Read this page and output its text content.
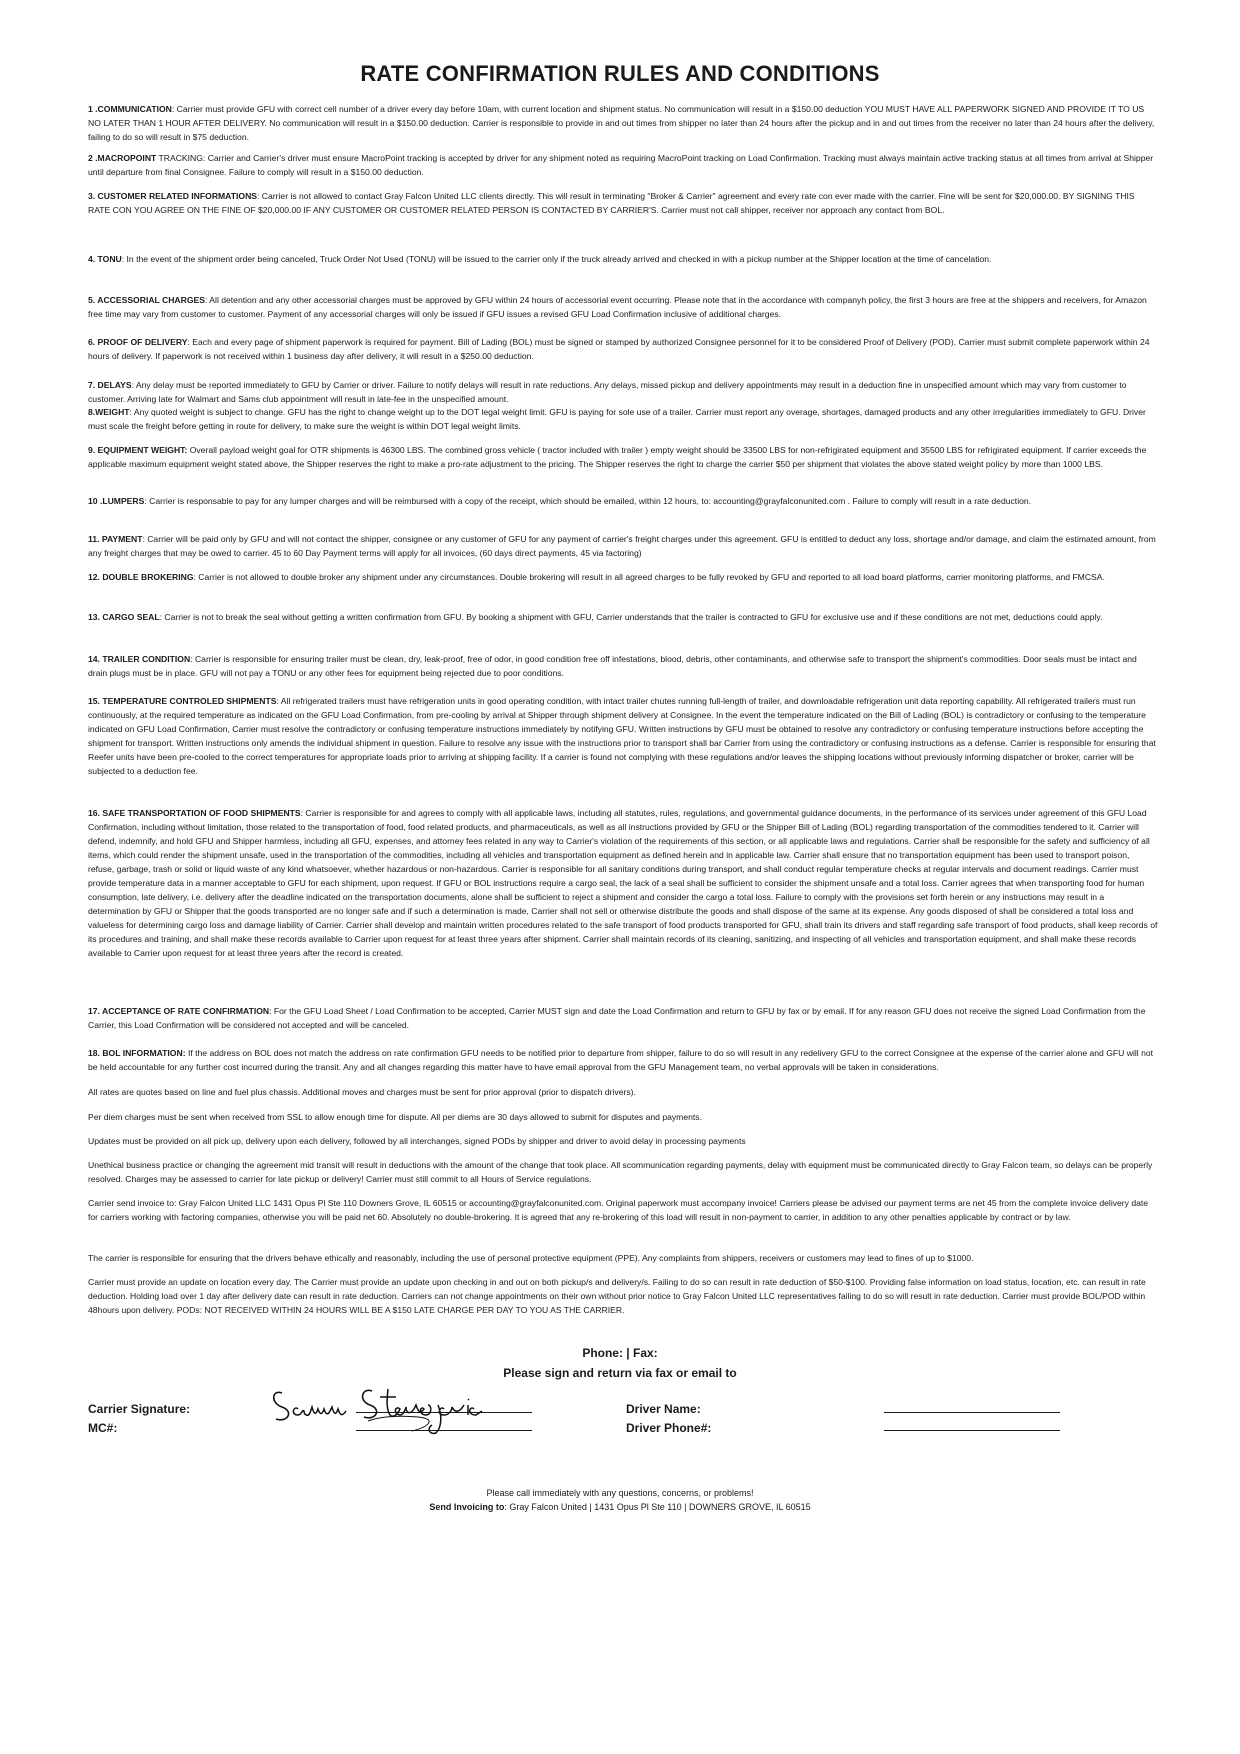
RATE CONFIRMATION RULES AND CONDITIONS
1 .COMMUNICATION: Carrier must provide GFU with correct cell number of a driver every day before 10am, with current location and shipment status. No communication will result in a $150.00 deduction YOU MUST HAVE ALL PAPERWORK SIGNED AND PROVIDE IT TO US NO LATER THAN 1 HOUR AFTER DELIVERY. No communication will result in a $150.00 deduction. Carrier is responsible to provide in and out times from shipper no later than 24 hours after the pickup and in and out times from the receiver no later than 24 hours after the delivery, failing to do so will result in $75 deduction.
2 .MACROPOINT TRACKING: Carrier and Carrier's driver must ensure MacroPoint tracking is accepted by driver for any shipment noted as requiring MacroPoint tracking on Load Confirmation. Tracking must always maintain active tracking status at all times from arrival at Shipper until departure from final Consignee. Failure to comply will result in a $150.00 deduction.
3. CUSTOMER RELATED INFORMATIONS: Carrier is not allowed to contact Gray Falcon United LLC clients directly. This will result in terminating "Broker & Carrier" agreement and every rate con ever made with the carrier. Fine will be sent for $20,000.00. BY SIGNING THIS RATE CON YOU AGREE ON THE FINE OF $20,000.00 IF ANY CUSTOMER OR CUSTOMER RELATED PERSON IS CONTACTED BY CARRIER'S. Carrier must not call shipper, receiver nor approach any contact from BOL.
4. TONU: In the event of the shipment order being canceled, Truck Order Not Used (TONU) will be issued to the carrier only if the truck already arrived and checked in with a pickup number at the Shipper location at the time of cancelation.
5. ACCESSORIAL CHARGES: All detention and any other accessorial charges must be approved by GFU within 24 hours of accessorial event occurring. Please note that in the accordance with companyh policy, the first 3 hours are free at the shippers and receivers, for Amazon free time may vary from customer to customer. Payment of any accessorial charges will only be issued if GFU issues a revised GFU Load Confirmation inclusive of additional charges.
6. PROOF OF DELIVERY: Each and every page of shipment paperwork is required for payment. Bill of Lading (BOL) must be signed or stamped by authorized Consignee personnel for it to be considered Proof of Delivery (POD). Carrier must submit complete paperwork within 24 hours of delivery. If paperwork is not received within 1 business day after delivery, it will result in a $250.00 deduction.
7. DELAYS: Any delay must be reported immediately to GFU by Carrier or driver. Failure to notify delays will result in rate reductions. Any delays, missed pickup and delivery appointments may result in a deduction fine in unspecified amount which may vary from customer to customer. Arriving late for Walmart and Sams club appointment will result in late-fee in the unspecified amount.
8.WEIGHT: Any quoted weight is subject to change. GFU has the right to change weight up to the DOT legal weight limit. GFU is paying for sole use of a trailer. Carrier must report any overage, shortages, damaged products and any other irregularities immediately to GFU. Driver must scale the freight before getting in route for delivery, to make sure the weight is within DOT legal weight limits.
9. EQUIPMENT WEIGHT: Overall payload weight goal for OTR shipments is 46300 LBS. The combined gross vehicle ( tractor included with trailer ) empty weight should be 33500 LBS for non-refrigirated equipment and 35500 LBS for refrigirated equipment. If carrier exceeds the applicable maximum equipment weight stated above, the Shipper reserves the right to make a pro-rate adjustment to the pricing. The Shipper reserves the right to charge the carrier $50 per shipment that violates the above stated weight policy by more than 1000 LBS.
10 .LUMPERS: Carrier is responsable to pay for any lumper charges and will be reimbursed with a copy of the receipt, which should be emailed, within 12 hours, to: accounting@grayfalconunited.com . Failure to comply will result in a rate deduction.
11. PAYMENT: Carrier will be paid only by GFU and will not contact the shipper, consignee or any customer of GFU for any payment of carrier's freight charges under this agreement. GFU is entitled to deduct any loss, shortage and/or damage, and claim the estimated amount, from any freight charges that may be owed to carrier. 45 to 60 Day Payment terms will apply for all invoices, (60 days direct payments, 45 via factoring)
12. DOUBLE BROKERING: Carrier is not allowed to double broker any shipment under any circumstances. Double brokering will result in all agreed charges to be fully revoked by GFU and reported to all load board platforms, carrier monitoring platforms, and FMCSA.
13. CARGO SEAL: Carrier is not to break the seal without getting a written confirmation from GFU. By booking a shipment with GFU, Carrier understands that the trailer is contracted to GFU for exclusive use and if these conditions are not met, deductions could apply.
14. TRAILER CONDITION: Carrier is responsible for ensuring trailer must be clean, dry, leak-proof, free of odor, in good condition free off infestations, blood, debris, other contaminants, and otherwise safe to transport the shipment's commodities. Door seals must be intact and drain plugs must be in place. GFU will not pay a TONU or any other fees for equipment being rejected due to poor conditions.
15. TEMPERATURE CONTROLED SHIPMENTS: All refrigerated trailers must have refrigeration units in good operating condition, with intact trailer chutes running full-length of trailer, and downloadable refrigeration unit data reporting capability. All refrigerated trailers must run continuously, at the required temperature as indicated on the GFU Load Confirmation, from pre-cooling by arrival at Shipper through shipment delivery at Consignee. In the event the temperature indicated on the Bill of Lading (BOL) is contradictory or confusing to the temperature indicated on GFU Load Confirmation, Carrier must resolve the contradictory or confusing temperature instructions immediately by notifying GFU. Written instructions by GFU must be obtained to resolve any contradictory or confusing temperature instructions before accepting the shipment for transport. Written instructions only amends the individual shipment in question. Failure to resolve any issue with the instructions prior to transport shall bar Carrier from using the contradictory or confusing instructions as a defense. Carrier is responsible for ensuring that Reefer units have been pre-cooled to the correct temperatures for appropriate loads prior to arriving at shipping facility. If a carrier is found not complying with these regulations and/or leaves the shipping locations without previously informing dispatcher or broker, carrier will be subjected to a deduction fee.
16. SAFE TRANSPORTATION OF FOOD SHIPMENTS: Carrier is responsible for and agrees to comply with all applicable laws, including all statutes, rules, regulations, and governmental guidance documents, in the performance of its services under agreement of this GFU Load Confirmation, including without limitation, those related to the transportation of food, food related products, and pharmaceuticals, as well as all instructions provided by GFU or the Shipper Bill of Lading (BOL) regarding transportation of the commodities tendered to it. Carrier will defend, indemnify, and hold GFU and Shipper harmless, including all GFU, expenses, and attorney fees related in any way to Carrier's violation of the requirements of this section, or all applicable laws and regulations. Carrier shall be responsible for the safety and sufficiency of all items, which could render the shipment unsafe, used in the transportation of the commodities, including all vehicles and transportation equipment as defined herein and in applicable law. Carrier shall ensure that no transportation equipment has been used to transport poison, refuse, garbage, trash or solid or liquid waste of any kind whatsoever, whether hazardous or non-hazardous. Carrier is responsible for all sanitary conditions during transport, and shall conduct regular temperature checks at regular intervals and document readings. Carrier must provide temperature data in a manner acceptable to GFU for each shipment, upon request. If GFU or BOL instructions require a cargo seal, the lack of a seal shall be sufficient to consider the shipment unsafe and a total loss. Carrier agrees that when transporting food for human consumption, late delivery, i.e. delivery after the deadline indicated on the transportation documents, alone shall be sufficient to reject a shipment and consider the cargo a total loss. Failure to comply with the provisions set forth herein or any instructions may result in a determination by GFU or Shipper that the goods transported are no longer safe and if such a determination is made, Carrier shall not sell or otherwise distribute the goods and shall dispose of the same at its expense. Any goods disposed of shall be considered a total loss and valueless for determining cargo loss and damage liability of Carrier. Carrier shall develop and maintain written procedures related to the safe transport of food products transported for GFU, shall train its drivers and staff regarding safe transport of food products, shall keep records of its procedures and training, and shall make these records available to Carrier upon request for at least three years after shipment. Carrier shall maintain records of its cleaning, sanitizing, and inspecting of all vehicles and transportation equipment, and shall make these records available to Carrier upon request for at least three years after the record is created.
17. ACCEPTANCE OF RATE CONFIRMATION: For the GFU Load Sheet / Load Confirmation to be accepted, Carrier MUST sign and date the Load Confirmation and return to GFU by fax or by email. If for any reason GFU does not receive the signed Load Confirmation from the Carrier, this Load Confirmation will be considered not accepted and will be canceled.
18. BOL INFORMATION: If the address on BOL does not match the address on rate confirmation GFU needs to be notified prior to departure from shipper, failure to do so will result in any redelivery GFU to the correct Consignee at the expense of the carrier alone and GFU will not be held accountable for any further cost incurred during the transit. Any and all changes regarding this matter have to have email approval from the GFU Management team, no verbal approvals will be taken in considerations.
All rates are quotes based on line and fuel plus chassis. Additional moves and charges must be sent for prior approval (prior to dispatch drivers).
Per diem charges must be sent when received from SSL to allow enough time for dispute. All per diems are 30 days allowed to submit for disputes and payments.
Updates must be provided on all pick up, delivery upon each delivery, followed by all interchanges, signed PODs by shipper and driver to avoid delay in processing payments
Unethical business practice or changing the agreement mid transit will result in deductions with the amount of the change that took place. All scommunication regarding payments, delay with equipment must be communicated directly to Gray Falcon team, so delays can be properly resolved. Charges may be assessed to carrier for late pickup or delivery! Carrier must still commit to all Hours of Service regulations.
Carrier send invoice to: Gray Falcon United LLC 1431 Opus Pl Ste 110 Downers Grove, IL 60515 or accounting@grayfalconunited.com. Original paperwork must accompany invoice! Carriers please be advised our payment terms are net 45 from the complete invoice delivery date for carriers working with factoring companies, otherwise you will be paid net 60. Absolutely no double-brokering. It is agreed that any re-brokering of this load will result in non-payment to carrier, in addition to any other penalties applicable by contract or by law.
The carrier is responsible for ensuring that the drivers behave ethically and reasonably, including the use of personal protective equipment (PPE). Any complaints from shippers, receivers or customers may lead to fines of up to $1000.
Carrier must provide an update on location every day. The Carrier must provide an update upon checking in and out on both pickup/s and delivery/s. Failing to do so can result in rate deduction of $50-$100. Providing false information on load status, location, etc. can result in rate deduction. Holding load over 1 day after delivery date can result in rate deduction. Carriers can not change appointments on their own without prior notice to Gray Falcon United LLC representatives failing to do so will result in rate deduction. Carrier must provide BOL/POD within 48hours upon delivery. PODs: NOT RECEIVED WITHIN 24 HOURS WILL BE A $150 LATE CHARGE PER DAY TO YOU AS THE CARRIER.
Phone: | Fax:
Please sign and return via fax or email to
Carrier Signature:
MC#:
Driver Name:
Driver Phone#:
Please call immediately with any questions, concerns, or problems!
Send Invoicing to: Gray Falcon United | 1431 Opus Pl Ste 110 | DOWNERS GROVE, IL 60515
